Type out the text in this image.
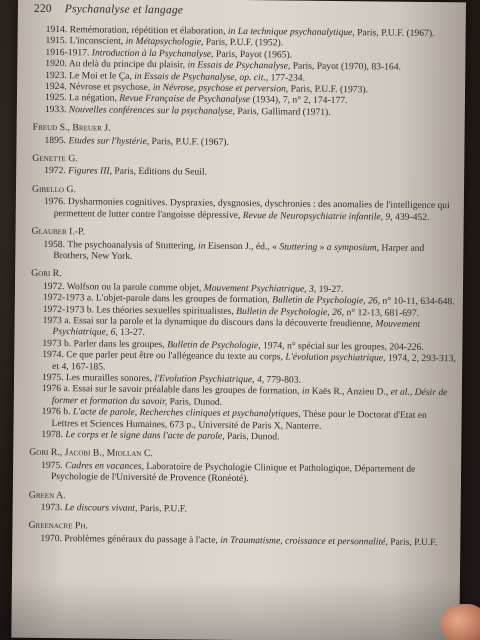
220 Psychanalyse et langage
1914. Remémoration, répétition et élaboration, in La technique psychanalytique, Paris, P.U.F. (1967).
1915. L'inconscient, in Métapsychologie, Paris, P.U.F. (1952).
1916-1917. Introduction à la Psychanalyse, Paris, Payot (1965).
1920. Au delà du principe du plaisir, in Essais de Psychanalyse, Paris, Payot (1970), 83-164.
1923. Le Moi et le Ça, in Essais de Psychanalyse, op. cit., 177-234.
1924. Névrose et psychose, in Névrose, psychose et perversion, Paris, P.U.F. (1973).
1925. La négation, Revue Française de Psychanalyse (1934), 7, n° 2, 174-177.
1933. Nouvelles conférences sur la psychanalyse, Paris, Gallimard (1971).
Freud S., Breuer J.
1895. Etudes sur l'hystérie, Paris, P.U.F. (1967).
Genette G.
1972. Figures III, Paris, Editions du Seuil.
Gibello G.
1976. Dysharmonies cognitives. Dyspraxies, dysgnosies, dyschronies : des anomalies de l'intelligence qui permettent de lutter contre l'angoisse dépressive, Revue de Neuropsychiatrie infantile, 9, 439-452.
Glauber I.-P.
1958. The psychoanalysis of Stuttering, in Eisenson J., éd., « Stuttering » a symposium, Harper and Brothers, New York.
Gori R.
1972. Wolfson ou la parole comme objet, Mouvement Psychiatrique, 3, 19-27.
1972-1973 a. L'objet-parole dans les groupes de formation, Bulletin de Psychologie, 26, n° 10-11, 634-648.
1972-1973 b. Les théories sexuelles spiritualistes, Bulletin de Psychologie, 26, n° 12-13, 681-697.
1973 a. Essai sur la parole et la dynamique du discours dans la découverte freudienne, Mouvement Psychiatrique, 6, 13-27.
1973 b. Parler dans les groupes, Bulletin de Psychologie, 1974, n° spécial sur les groupes, 204-226.
1974. Ce que parler peut être ou l'allégeance du texte au corps, L'évolution psychiatrique, 1974, 2, 293-313, et 4, 167-185.
1975. Les murailles sonores, l'Evolution Psychiatrique, 4, 779-803.
1976 a. Essai sur le savoir préalable dans les groupes de formation, in Kaës R., Anzieu D., et al., Désir de former et formation du savoir, Paris, Dunod.
1976 b. L'acte de parole, Recherches cliniques et psychanalytiques, Thèse pour le Doctorat d'Etat en Lettres et Sciences Humaines, 673 p., Université de Paris X, Nanterre.
1978. Le corps et le signe dans l'acte de parole, Paris, Dunod.
Gori R., Jacobi B., Miollan C.
1975. Cadres en vacances, Laboratoire de Psychologie Clinique et Pathologique, Département de Psychologie de l'Université de Provence (Ronéoté).
Green A.
1973. Le discours vivant, Paris, P.U.F.
Greenacre Ph.
1970. Problèmes généraux du passage à l'acte, in Traumatisme, croissance et personnalité, Paris, P.U.F.
